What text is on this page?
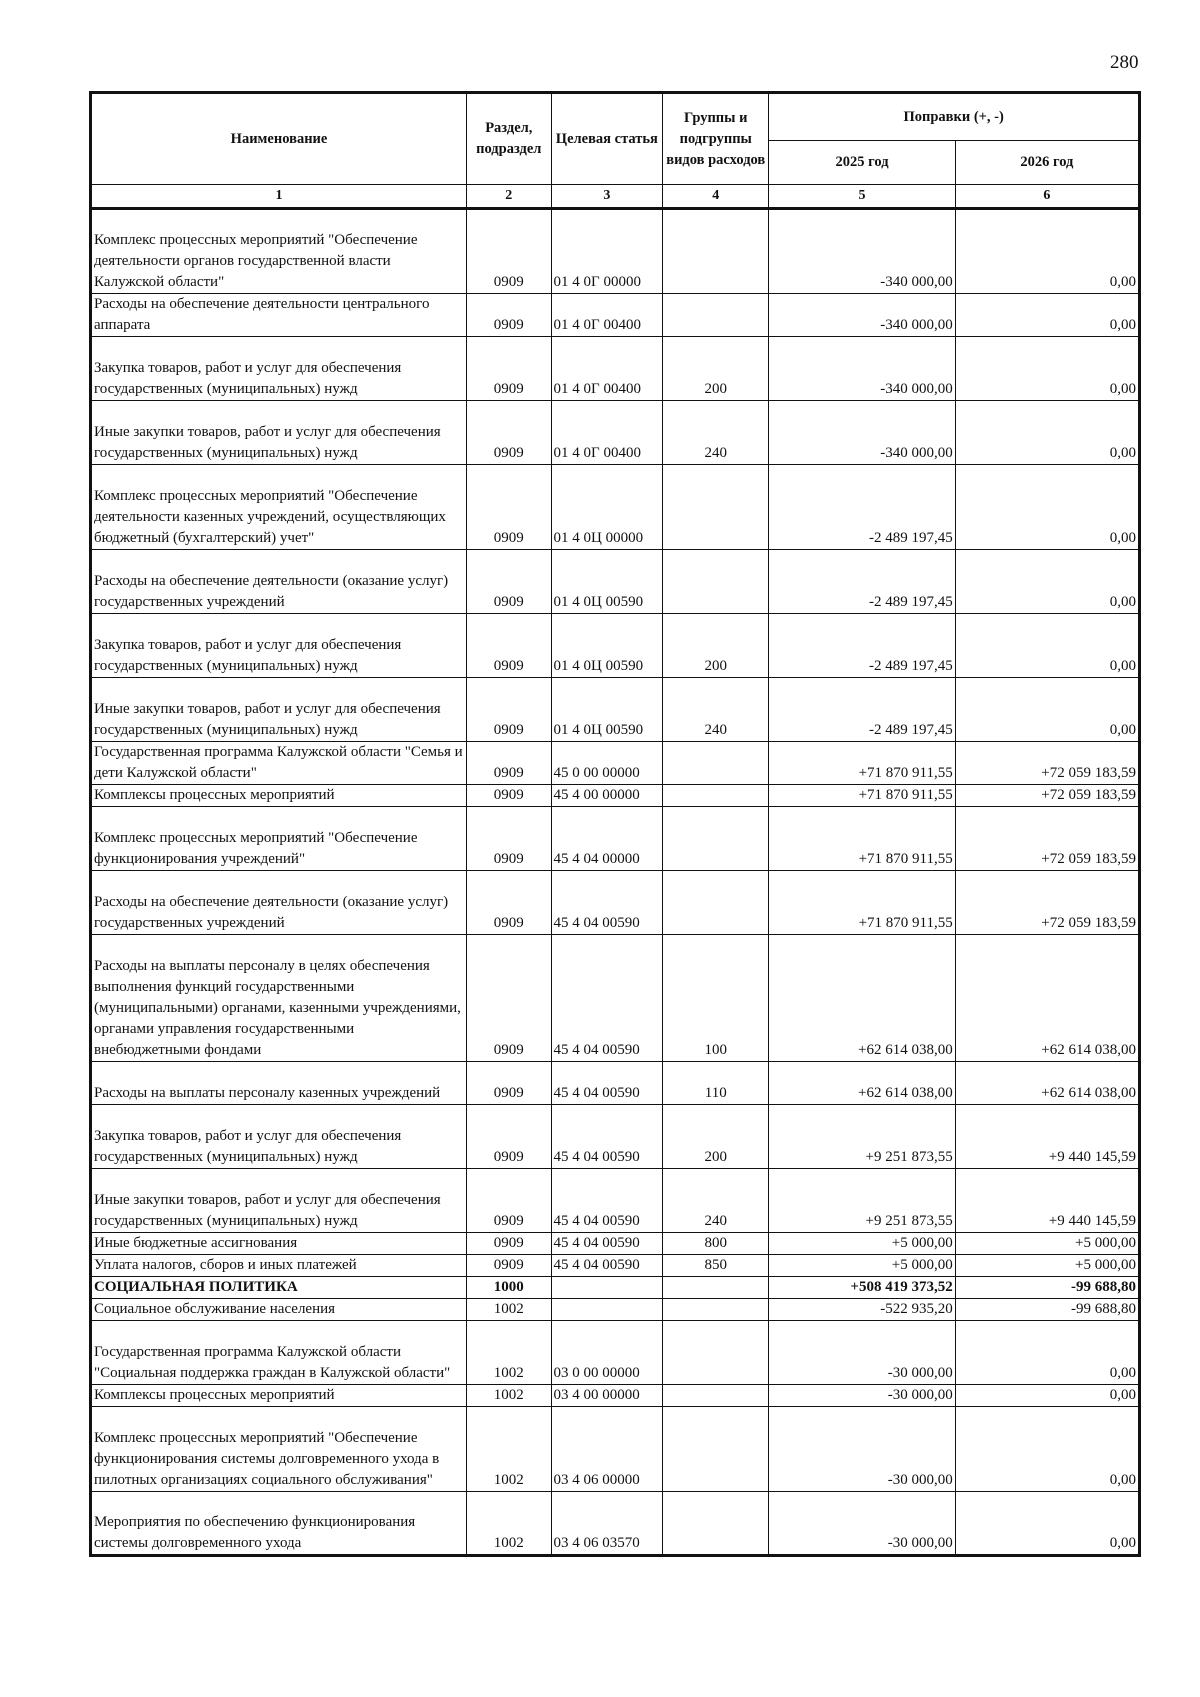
280
Наименование	Раздел, подраздел	Целевая статья	Группы и подгруппы видов расходов	Поправки (+, -)	
				2025 год	2026 год
1	2	3	4	5	6
Комплекс процессных мероприятий "Обеспечение деятельности органов государственной власти Калужской области"	0909	01 4 0Г 00000		-340 000,00	0,00
Расходы на обеспечение деятельности центрального аппарата	0909	01 4 0Г 00400		-340 000,00	0,00
Закупка товаров, работ и услуг для обеспечения государственных (муниципальных) нужд	0909	01 4 0Г 00400	200	-340 000,00	0,00
Иные закупки товаров, работ и услуг для обеспечения государственных (муниципальных) нужд	0909	01 4 0Г 00400	240	-340 000,00	0,00
Комплекс процессных мероприятий "Обеспечение деятельности казенных учреждений, осуществляющих бюджетный (бухгалтерский) учет"	0909	01 4 0Ц 00000		-2 489 197,45	0,00
Расходы на обеспечение деятельности (оказание услуг) государственных учреждений	0909	01 4 0Ц 00590		-2 489 197,45	0,00
Закупка товаров, работ и услуг для обеспечения государственных (муниципальных) нужд	0909	01 4 0Ц 00590	200	-2 489 197,45	0,00
Иные закупки товаров, работ и услуг для обеспечения государственных (муниципальных) нужд	0909	01 4 0Ц 00590	240	-2 489 197,45	0,00
Государственная программа Калужской области "Семья и дети Калужской области"	0909	45 0 00 00000		+71 870 911,55	+72 059 183,59
Комплексы процессных мероприятий	0909	45 4 00 00000		+71 870 911,55	+72 059 183,59
Комплекс процессных мероприятий "Обеспечение функционирования учреждений"	0909	45 4 04 00000		+71 870 911,55	+72 059 183,59
Расходы на обеспечение деятельности (оказание услуг) государственных учреждений	0909	45 4 04 00590		+71 870 911,55	+72 059 183,59
Расходы на выплаты персоналу в целях обеспечения выполнения функций государственными (муниципальными) органами, казенными учреждениями, органами управления государственными внебюджетными фондами	0909	45 4 04 00590	100	+62 614 038,00	+62 614 038,00
Расходы на выплаты персоналу казенных учреждений	0909	45 4 04 00590	110	+62 614 038,00	+62 614 038,00
Закупка товаров, работ и услуг для обеспечения государственных (муниципальных) нужд	0909	45 4 04 00590	200	+9 251 873,55	+9 440 145,59
Иные закупки товаров, работ и услуг для обеспечения государственных (муниципальных) нужд	0909	45 4 04 00590	240	+9 251 873,55	+9 440 145,59
Иные бюджетные ассигнования	0909	45 4 04 00590	800	+5 000,00	+5 000,00
Уплата налогов, сборов и иных платежей	0909	45 4 04 00590	850	+5 000,00	+5 000,00
СОЦИАЛЬНАЯ ПОЛИТИКА	1000			+508 419 373,52	-99 688,80
Социальное обслуживание населения	1002			-522 935,20	-99 688,80
Государственная программа Калужской области "Социальная поддержка граждан в Калужской области"	1002	03 0 00 00000		-30 000,00	0,00
Комплексы процессных мероприятий	1002	03 4 00 00000		-30 000,00	0,00
Комплекс процессных мероприятий "Обеспечение функционирования системы долговременного ухода в пилотных организациях социального обслуживания"	1002	03 4 06 00000		-30 000,00	0,00
Мероприятия по обеспечению функционирования системы долговременного ухода	1002	03 4 06 03570		-30 000,00	0,00
